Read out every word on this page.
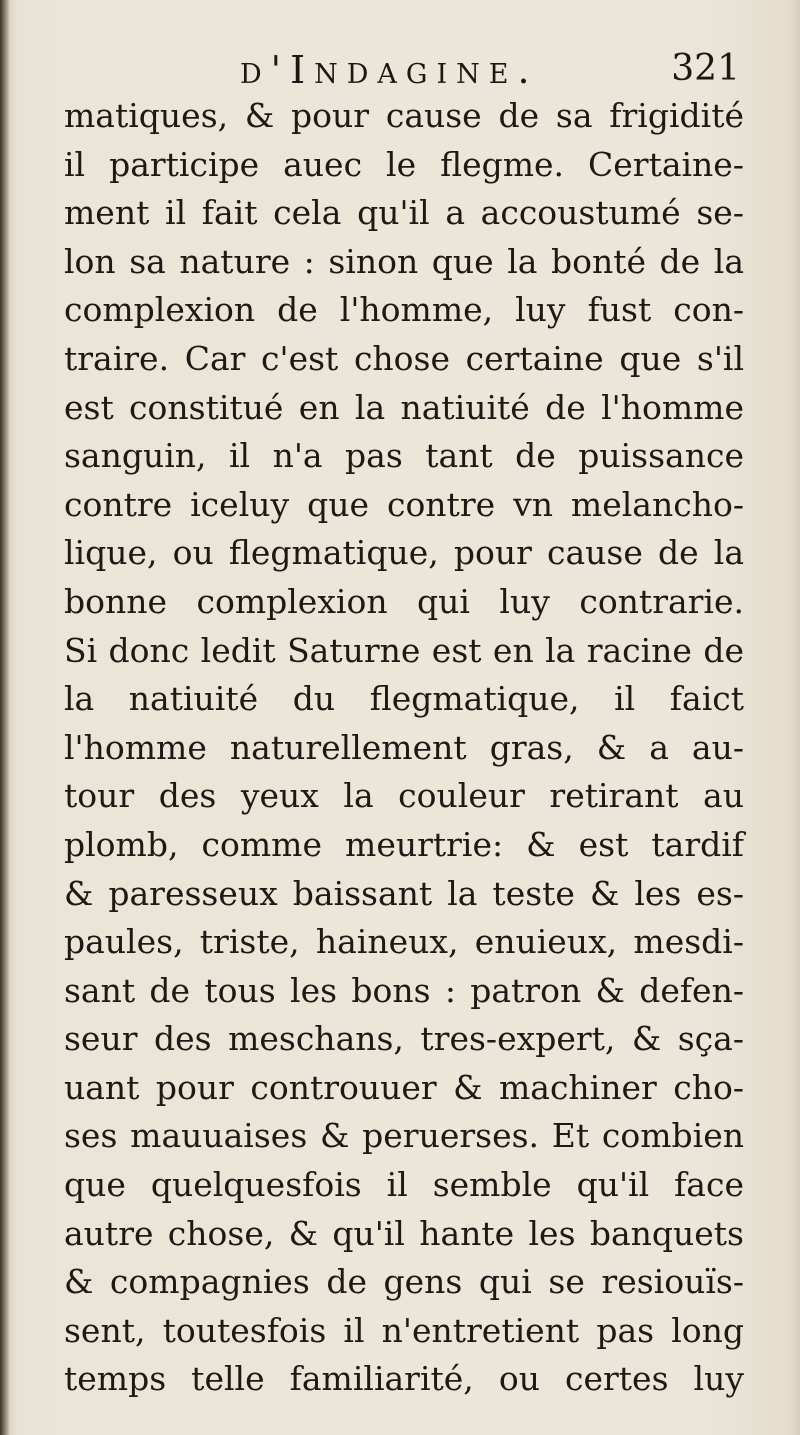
d'Indagine.	321
matiques, & pour cause de sa frigidité
il participe auec le flegme. Certaine-
ment il fait cela qu'il a accoustumé se-
lon sa nature : sinon que la bonté de la
complexion de l'homme, luy fust con-
traire. Car c'est chose certaine que s'il
est constitué en la natiuité de l'homme
sanguin, il n'a pas tant de puissance
contre iceluy que contre vn melancho-
lique, ou flegmatique, pour cause de la
bonne complexion qui luy contrarie.
Si donc ledit Saturne est en la racine de
la natiuité du flegmatique, il faict
l'homme naturellement gras, & a au-
tour des yeux la couleur retirant au
plomb, comme meurtrie: & est tardif
& paresseux baissant la teste & les es-
paules, triste, haineux, enuieux, mesdi-
sant de tous les bons : patron & defen-
seur des meschans, tres-expert, & sça-
uant pour controuuer & machiner cho-
ses mauuaises & peruerses. Et combien
que quelquesfois il semble qu'il face
autre chose, & qu'il hante les banquets
& compagnies de gens qui se resiouïs-
sent, toutesfois il n'entretient pas long
temps telle familiarité, ou certes luy
